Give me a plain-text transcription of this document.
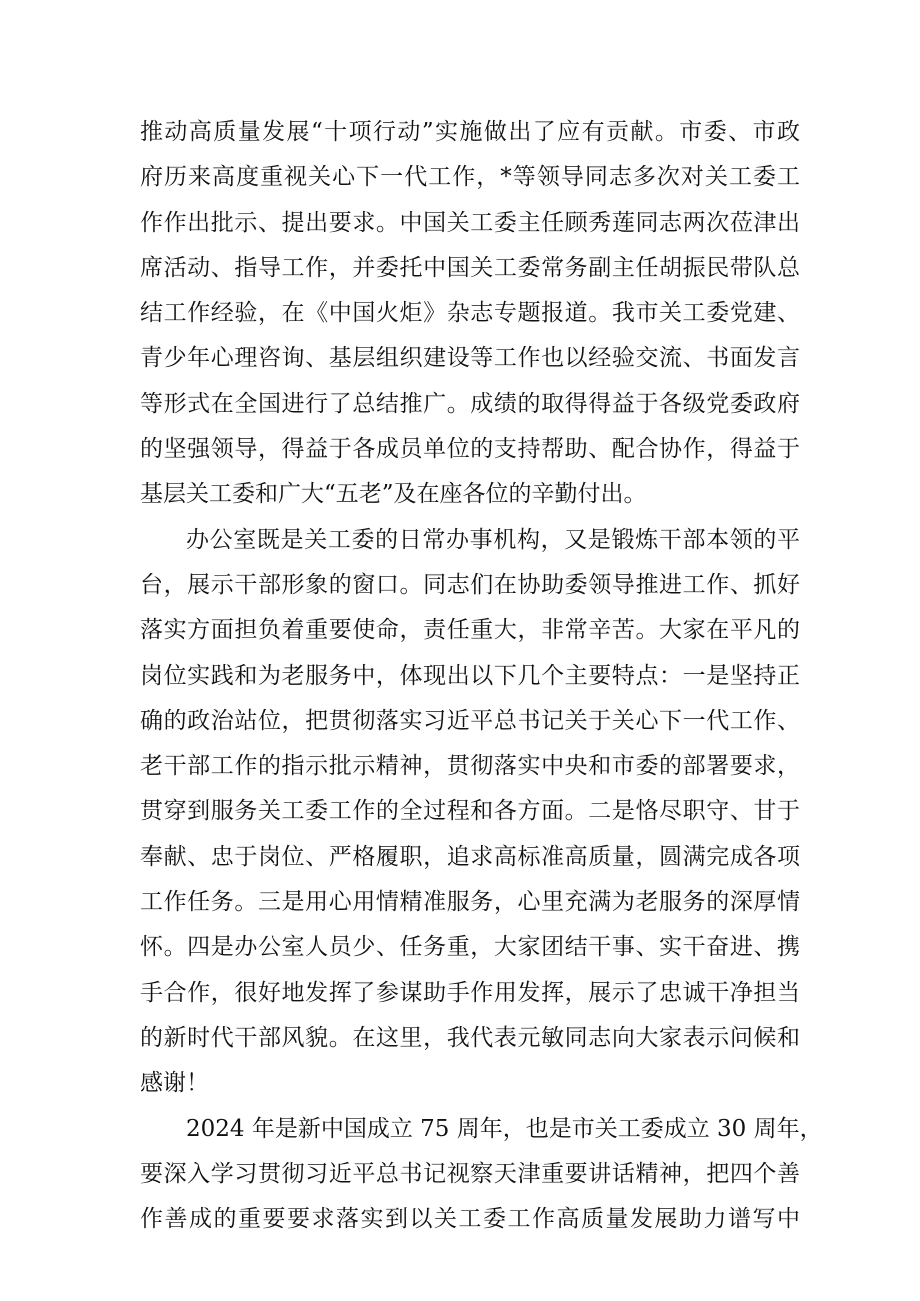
推动高质量发展“十项行动”实施做出了应有贡献。市委、市政
府历来高度重视关心下一代工作，*等领导同志多次对关工委工
作作出批示、提出要求。中国关工委主任顾秀莲同志两次莅津出
席活动、指导工作，并委托中国关工委常务副主任胡振民带队总
结工作经验，在《中国火炬》杂志专题报道。我市关工委党建、
青少年心理咨询、基层组织建设等工作也以经验交流、书面发言
等形式在全国进行了总结推广。成绩的取得得益于各级党委政府
的坚强领导，得益于各成员单位的支持帮助、配合协作，得益于
基层关工委和广大“五老”及在座各位的辛勤付出。
办公室既是关工委的日常办事机构，又是锻炼干部本领的平
台，展示干部形象的窗口。同志们在协助委领导推进工作、抓好
落实方面担负着重要使命，责任重大，非常辛苦。大家在平凡的
岗位实践和为老服务中，体现出以下几个主要特点：一是坚持正
确的政治站位，把贯彻落实习近平总书记关于关心下一代工作、
老干部工作的指示批示精神，贯彻落实中央和市委的部署要求，
贯穿到服务关工委工作的全过程和各方面。二是恪尽职守、甘于
奉献、忠于岗位、严格履职，追求高标准高质量，圆满完成各项
工作任务。三是用心用情精准服务，心里充满为老服务的深厚情
怀。四是办公室人员少、任务重，大家团结干事、实干奋进、携
手合作，很好地发挥了参谋助手作用发挥，展示了忠诚干净担当
的新时代干部风貌。在这里，我代表元敏同志向大家表示问候和
感谢！
2024 年是新中国成立 75 周年，也是市关工委成立 30 周年，
要深入学习贯彻习近平总书记视察天津重要讲话精神，把四个善
作善成的重要要求落实到以关工委工作高质量发展助力谱写中
